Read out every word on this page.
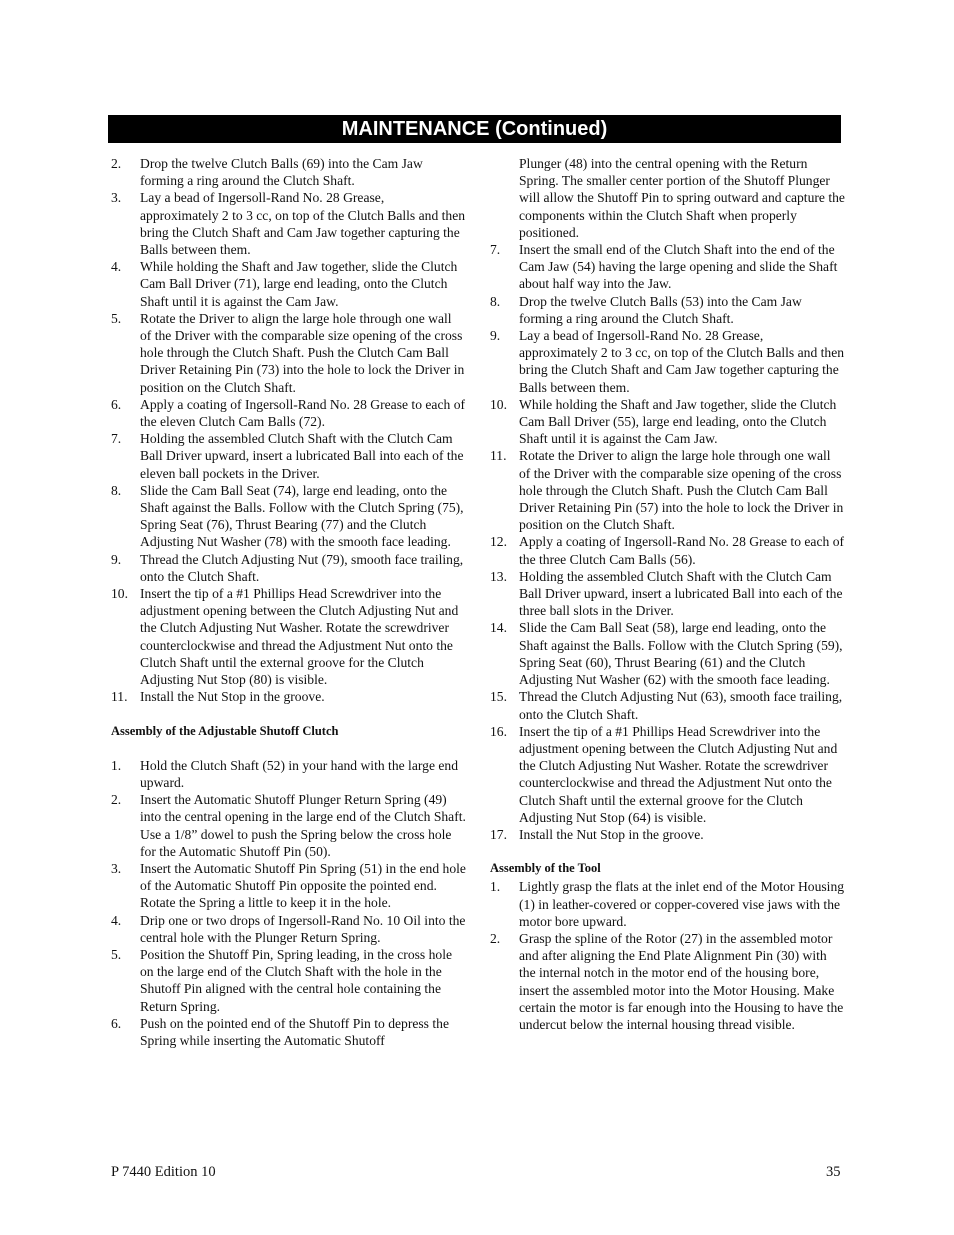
MAINTENANCE (Continued)
2. Drop the twelve Clutch Balls (69) into the Cam Jaw forming a ring around the Clutch Shaft.
3. Lay a bead of Ingersoll-Rand No. 28 Grease, approximately 2 to 3 cc, on top of the Clutch Balls and then bring the Clutch Shaft and Cam Jaw together capturing the Balls between them.
4. While holding the Shaft and Jaw together, slide the Clutch Cam Ball Driver (71), large end leading, onto the Clutch Shaft until it is against the Cam Jaw.
5. Rotate the Driver to align the large hole through one wall of the Driver with the comparable size opening of the cross hole through the Clutch Shaft. Push the Clutch Cam Ball Driver Retaining Pin (73) into the hole to lock the Driver in position on the Clutch Shaft.
6. Apply a coating of Ingersoll-Rand No. 28 Grease to each of the eleven Clutch Cam Balls (72).
7. Holding the assembled Clutch Shaft with the Clutch Cam Ball Driver upward, insert a lubricated Ball into each of the eleven ball pockets in the Driver.
8. Slide the Cam Ball Seat (74), large end leading, onto the Shaft against the Balls. Follow with the Clutch Spring (75), Spring Seat (76), Thrust Bearing (77) and the Clutch Adjusting Nut Washer (78) with the smooth face leading.
9. Thread the Clutch Adjusting Nut (79), smooth face trailing, onto the Clutch Shaft.
10. Insert the tip of a #1 Phillips Head Screwdriver into the adjustment opening between the Clutch Adjusting Nut and the Clutch Adjusting Nut Washer. Rotate the screwdriver counterclockwise and thread the Adjustment Nut onto the Clutch Shaft until the external groove for the Clutch Adjusting Nut Stop (80) is visible.
11. Install the Nut Stop in the groove.
Assembly of the Adjustable Shutoff Clutch
1. Hold the Clutch Shaft (52) in your hand with the large end upward.
2. Insert the Automatic Shutoff Plunger Return Spring (49) into the central opening in the large end of the Clutch Shaft. Use a 1/8” dowel to push the Spring below the cross hole for the Automatic Shutoff Pin (50).
3. Insert the Automatic Shutoff Pin Spring (51) in the end hole of the Automatic Shutoff Pin opposite the pointed end. Rotate the Spring a little to keep it in the hole.
4. Drip one or two drops of Ingersoll-Rand No. 10 Oil into the central hole with the Plunger Return Spring.
5. Position the Shutoff Pin, Spring leading, in the cross hole on the large end of the Clutch Shaft with the hole in the Shutoff Pin aligned with the central hole containing the Return Spring.
6. Push on the pointed end of the Shutoff Pin to depress the Spring while inserting the Automatic Shutoff
Plunger (48) into the central opening with the Return Spring. The smaller center portion of the Shutoff Plunger will allow the Shutoff Pin to spring outward and capture the components within the Clutch Shaft when properly positioned.
7. Insert the small end of the Clutch Shaft into the end of the Cam Jaw (54) having the large opening and slide the Shaft about half way into the Jaw.
8. Drop the twelve Clutch Balls (53) into the Cam Jaw forming a ring around the Clutch Shaft.
9. Lay a bead of Ingersoll-Rand No. 28 Grease, approximately 2 to 3 cc, on top of the Clutch Balls and then bring the Clutch Shaft and Cam Jaw together capturing the Balls between them.
10. While holding the Shaft and Jaw together, slide the Clutch Cam Ball Driver (55), large end leading, onto the Clutch Shaft until it is against the Cam Jaw.
11. Rotate the Driver to align the large hole through one wall of the Driver with the comparable size opening of the cross hole through the Clutch Shaft. Push the Clutch Cam Ball Driver Retaining Pin (57) into the hole to lock the Driver in position on the Clutch Shaft.
12. Apply a coating of Ingersoll-Rand No. 28 Grease to each of the three Clutch Cam Balls (56).
13. Holding the assembled Clutch Shaft with the Clutch Cam Ball Driver upward, insert a lubricated Ball into each of the three ball slots in the Driver.
14. Slide the Cam Ball Seat (58), large end leading, onto the Shaft against the Balls. Follow with the Clutch Spring (59), Spring Seat (60), Thrust Bearing (61) and the Clutch Adjusting Nut Washer (62) with the smooth face leading.
15. Thread the Clutch Adjusting Nut (63), smooth face trailing, onto the Clutch Shaft.
16. Insert the tip of a #1 Phillips Head Screwdriver into the adjustment opening between the Clutch Adjusting Nut and the Clutch Adjusting Nut Washer. Rotate the screwdriver counterclockwise and thread the Adjustment Nut onto the Clutch Shaft until the external groove for the Clutch Adjusting Nut Stop (64) is visible.
17. Install the Nut Stop in the groove.
Assembly of the Tool
1. Lightly grasp the flats at the inlet end of the Motor Housing (1) in leather-covered or copper-covered vise jaws with the motor bore upward.
2. Grasp the spline of the Rotor (27) in the assembled motor and after aligning the End Plate Alignment Pin (30) with the internal notch in the motor end of the housing bore, insert the assembled motor into the Motor Housing. Make certain the motor is far enough into the Housing to have the undercut below the internal housing thread visible.
P 7440 Edition 10	35
